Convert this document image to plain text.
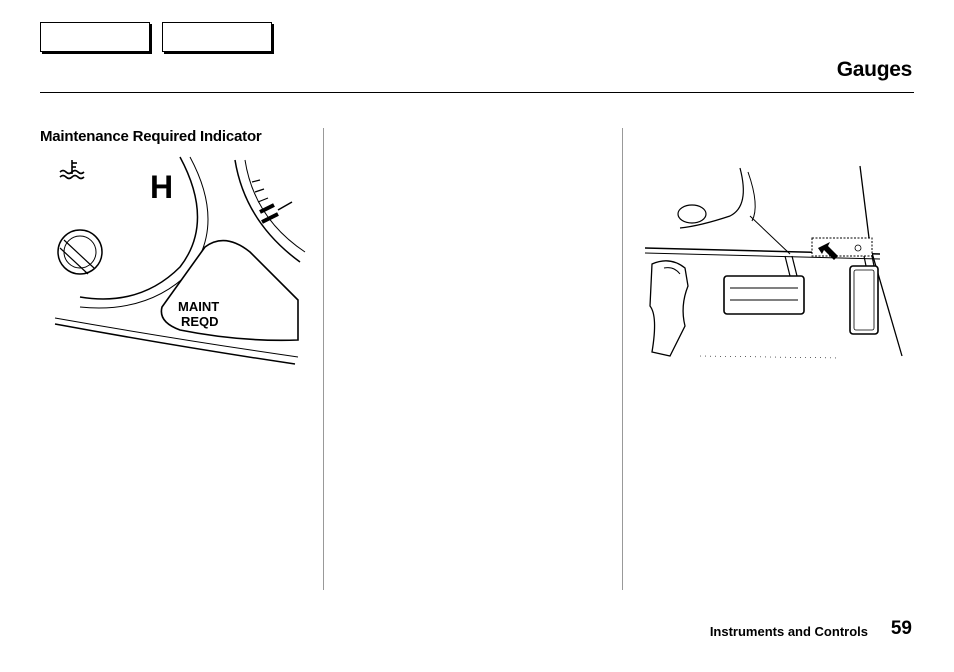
Gauges
Maintenance Required Indicator
H
MAINT
REQD
Instruments and Controls 59
